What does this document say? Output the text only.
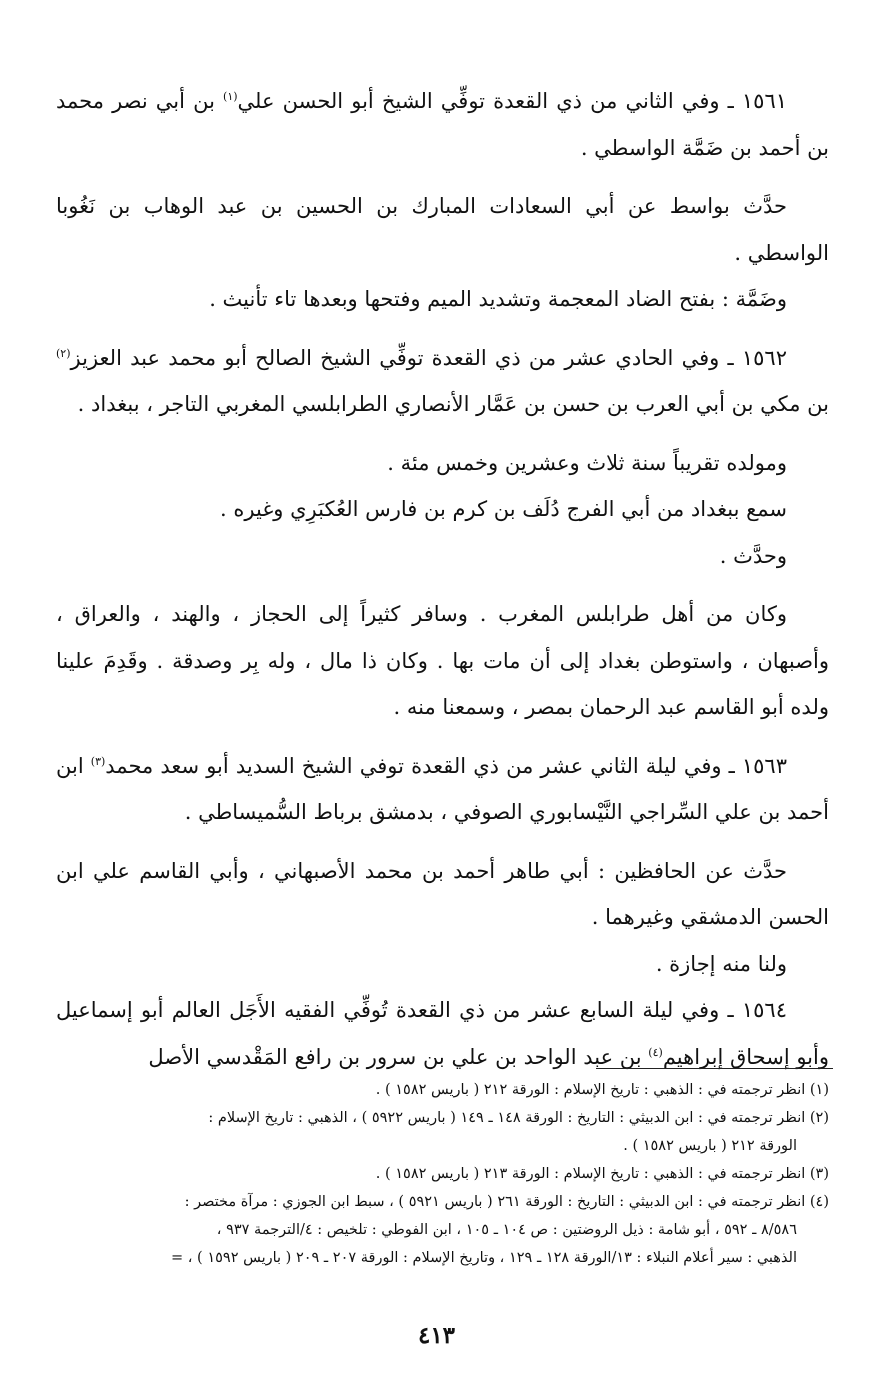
١٥٦١ ـ وفي الثاني من ذي القعدة توفِّي الشيخ أبو الحسن علي$^{(١)}$ بن أبي نصر محمد بن أحمد بن ضَمَّة الواسطي .

حدَّث بواسط عن أبي السعادات المبارك بن الحسين بن عبد الوهاب بن نَغُوبا الواسطي .

وضَمَّة : بفتح الضاد المعجمة وتشديد الميم وفتحها وبعدها تاء تأنيث .

١٥٦٢ ـ وفي الحادي عشر من ذي القعدة توفِّي الشيخ الصالح أبو محمد عبد العزيز$^{(٢)}$ بن مكي بن أبي العرب بن حسن بن عَمَّار الأنصاري الطرابلسي المغربي التاجر ، ببغداد .

ومولده تقريباً سنة ثلاث وعشرين وخمس مئة .

سمع ببغداد من أبي الفرج دُلَف بن كرم بن فارس العُكبَرِي وغيره .

وحدَّث .

وكان من أهل طرابلس المغرب . وسافر كثيراً إلى الحجاز ، والهند ، والعراق ، وأصبهان ، واستوطن بغداد إلى أن مات بها . وكان ذا مال ، وله بِر وصدقة . وقَدِمَ علينا ولده أبو القاسم عبد الرحمان بمصر ، وسمعنا منه .

١٥٦٣ ـ وفي ليلة الثاني عشر من ذي القعدة توفي الشيخ السديد أبو سعد محمد$^{(٣)}$ ابن أحمد بن علي السِّراجي النَّيْسابوري الصوفي ، بدمشق برباط السُّميساطي .

حدَّث عن الحافظين : أبي طاهر أحمد بن محمد الأصبهاني ، وأبي القاسم علي ابن الحسن الدمشقي وغيرهما .

ولنا منه إجازة .

١٥٦٤ ـ وفي ليلة السابع عشر من ذي القعدة تُوفِّي الفقيه الأَجَل العالم أبو إسماعيل وأبو إسحاق إبراهيم$^{(٤)}$ بن عبد الواحد بن علي بن سرور بن رافع المَقْدسي الأصل

(١) انظر ترجمته في : الذهبي : تاريخ الإسلام : الورقة ٢١٢ ( باريس ١٥٨٢ ) .

(٢) انظر ترجمته في : ابن الدبيثي : التاريخ : الورقة ١٤٨ ـ ١٤٩ ( باريس ٥٩٢٢ ) ، الذهبي : تاريخ الإسلام :

الورقة ٢١٢ ( باريس ١٥٨٢ ) .

(٣) انظر ترجمته في : الذهبي : تاريخ الإسلام : الورقة ٢١٣ ( باريس ١٥٨٢ ) .

(٤) انظر ترجمته في : ابن الدبيثي : التاريخ : الورقة ٢٦١ ( باريس ٥٩٢١ ) ، سبط ابن الجوزي : مرآة مختصر :

٨/٥٨٦ ـ ٥٩٢ ، أبو شامة : ذيل الروضتين : ص ١٠٤ ـ ١٠٥ ، ابن الفوطي : تلخيص : ٤/الترجمة ٩٣٧ ،

الذهبي : سير أعلام النبلاء : ١٣/الورقة ١٢٨ ـ ١٢٩ ، وتاريخ الإسلام : الورقة ٢٠٧ ـ ٢٠٩ ( باريس ١٥٩٢ ) ، =

٤١٣
